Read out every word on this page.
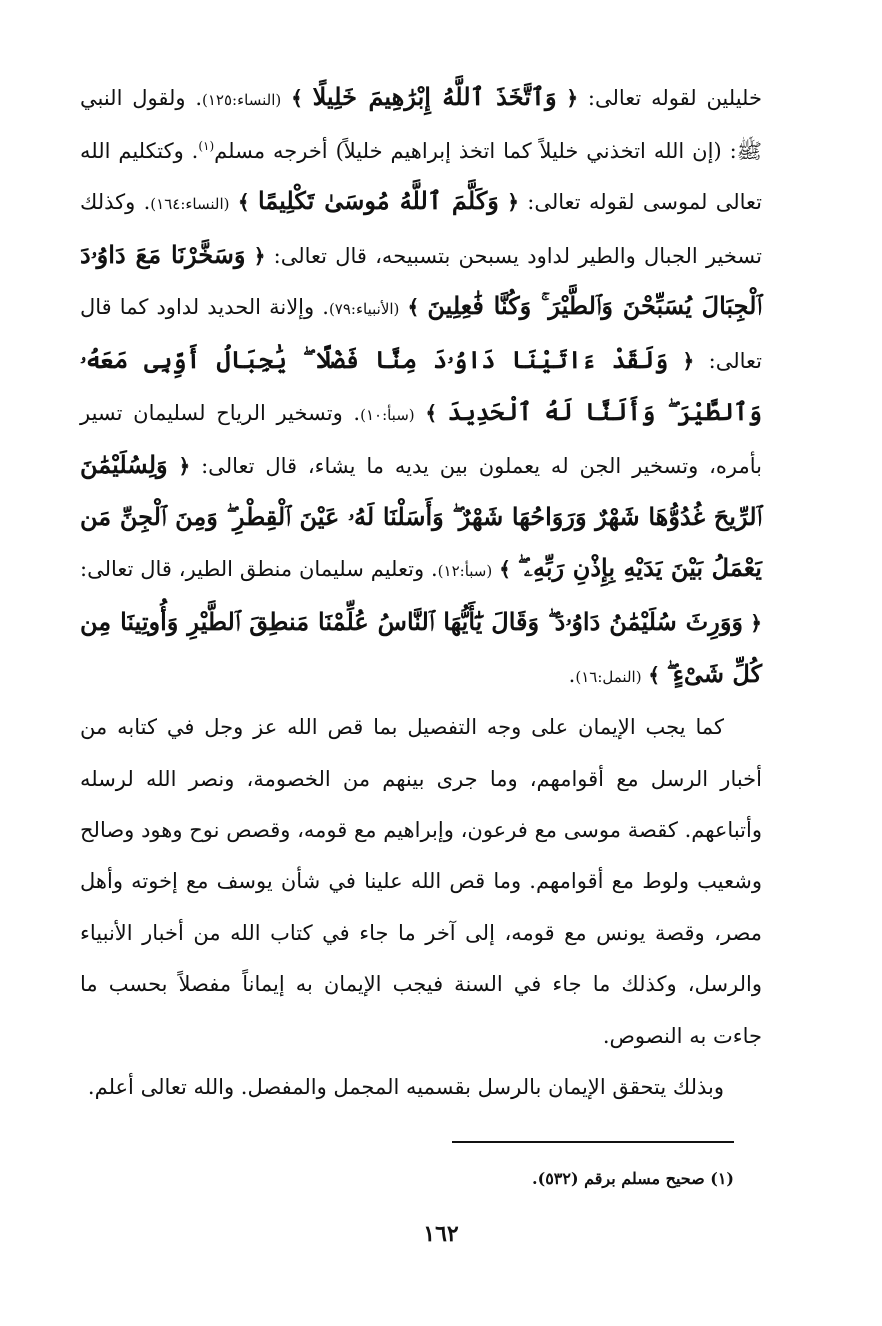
خليلين لقوله تعالى: ﴿ وَٱتَّخَذَ ٱللَّهُ إِبْرَٰهِيمَ خَلِيلًا ﴾ (النساء:١٢٥). ولقول النبي ﷺ: (إن الله اتخذني خليلاً كما اتخذ إبراهيم خليلاً) أخرجه مسلم$^{(١)}$. وكتكليم الله تعالى لموسى لقوله تعالى: ﴿ وَكَلَّمَ ٱللَّهُ مُوسَىٰ تَكْلِيمًا ﴾ (النساء:١٦٤). وكذلك تسخير الجبال والطير لداود يسبحن بتسبيحه، قال تعالى: ﴿ وَسَخَّرْنَا مَعَ دَاوُۥدَ ٱلْجِبَالَ يُسَبِّحْنَ وَٱلطَّيْرَ ۚ وَكُنَّا فَٰعِلِينَ ﴾ (الأنبياء:٧٩). وإلانة الحديد لداود كما قال تعالى: ﴿ وَلَقَدْ ءَاتَيْنَا دَاوُۥدَ مِنَّا فَضْلًا ۖ يَٰجِبَالُ أَوِّبِى مَعَهُۥ وَٱلطَّيْرَ ۖ وَأَلَنَّا لَهُ ٱلْحَدِيدَ ﴾ (سبأ:١٠). وتسخير الرياح لسليمان تسير بأمره، وتسخير الجن له يعملون بين يديه ما يشاء، قال تعالى: ﴿ وَلِسُلَيْمَٰنَ ٱلرِّيحَ غُدُوُّهَا شَهْرٌ وَرَوَاحُهَا شَهْرٌ ۖ وَأَسَلْنَا لَهُۥ عَيْنَ ٱلْقِطْرِ ۖ وَمِنَ ٱلْجِنِّ مَن يَعْمَلُ بَيْنَ يَدَيْهِ بِإِذْنِ رَبِّهِۦ ۖ ﴾ (سبأ:١٢). وتعليم سليمان منطق الطير، قال تعالى: ﴿ وَوَرِثَ سُلَيْمَٰنُ دَاوُۥدَ ۖ وَقَالَ يَٰٓأَيُّهَا ٱلنَّاسُ عُلِّمْنَا مَنطِقَ ٱلطَّيْرِ وَأُوتِينَا مِن كُلِّ شَىْءٍ ۖ ﴾ (النمل:١٦).

كما يجب الإيمان على وجه التفصيل بما قص الله عز وجل في كتابه من أخبار الرسل مع أقوامهم، وما جرى بينهم من الخصومة، ونصر الله لرسله وأتباعهم. كقصة موسى مع فرعون، وإبراهيم مع قومه، وقصص نوح وهود وصالح وشعيب ولوط مع أقوامهم. وما قص الله علينا في شأن يوسف مع إخوته وأهل مصر، وقصة يونس مع قومه، إلى آخر ما جاء في كتاب الله من أخبار الأنبياء والرسل، وكذلك ما جاء في السنة فيجب الإيمان به إيماناً مفصلاً بحسب ما جاءت به النصوص.

وبذلك يتحقق الإيمان بالرسل بقسميه المجمل والمفصل. والله تعالى أعلم.

(١) صحيح مسلم برقم (٥٣٢).
١٦٢
